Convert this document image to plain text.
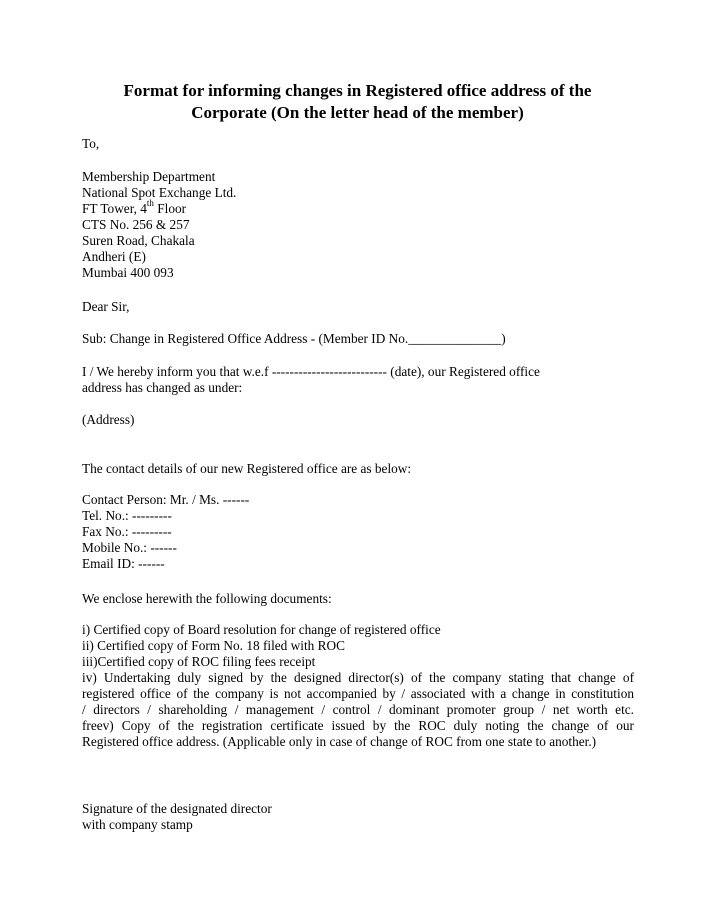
Format for informing changes in Registered office address of the
Corporate (On the letter head of the member)
To,
Membership Department
National Spot Exchange Ltd.
FT Tower, 4th Floor
CTS No. 256 & 257
Suren Road, Chakala
Andheri (E)
Mumbai 400 093
Dear Sir,
Sub: Change in Registered Office Address - (Member ID No.______________)
I / We hereby inform you that w.e.f -------------------------- (date), our Registered office
address has changed as under:
(Address)
The contact details of our new Registered office are as below:
Contact Person: Mr. / Ms. ------
Tel. No.: ---------
Fax No.: ---------
Mobile No.: ------
Email ID: ------
We enclose herewith the following documents:
i) Certified copy of Board resolution for change of registered office
ii) Certified copy of Form No. 18 filed with ROC
iii)Certified copy of ROC filing fees receipt
iv) Undertaking duly signed by the designed director(s) of the company stating that change of
registered office of the company is not accompanied by / associated with a change in constitution
/ directors / shareholding / management / control / dominant promoter group / net worth etc.
freev) Copy of the registration certificate issued by the ROC duly noting the change of our
Registered office address. (Applicable only in case of change of ROC from one state to another.)
Signature of the designated director
with company stamp
